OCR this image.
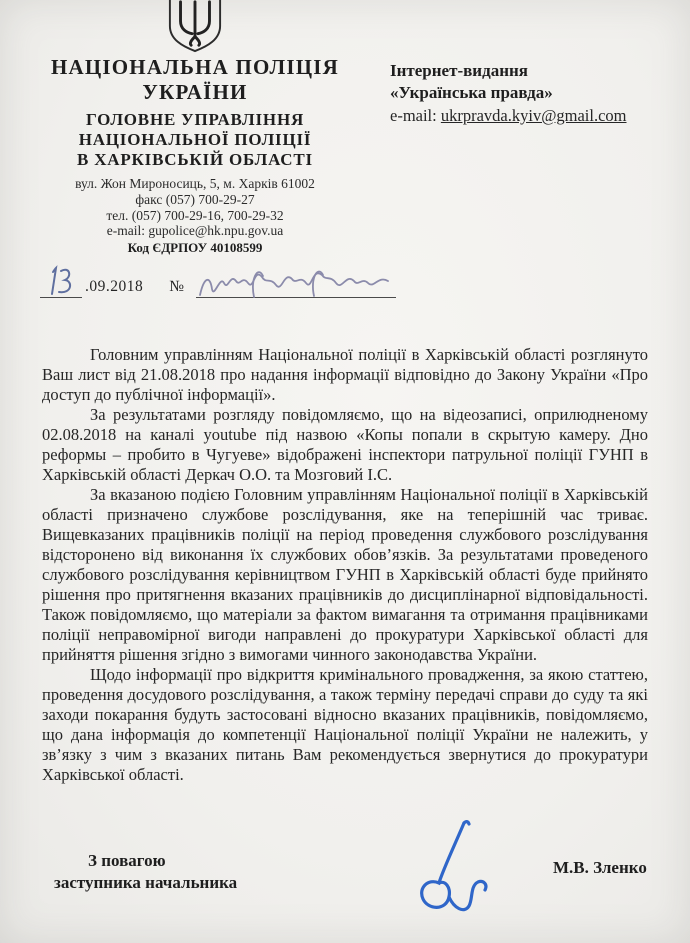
НАЦІОНАЛЬНА ПОЛІЦІЯ
УКРАЇНИ
ГОЛОВНЕ УПРАВЛІННЯ
НАЦІОНАЛЬНОЇ ПОЛІЦІЇ
В ХАРКІВСЬКІЙ ОБЛАСТІ
вул. Жон Мироносиць, 5, м. Харків 61002
факс (057) 700-29-27
тел. (057) 700-29-16, 700-29-32
e-mail: gupolice@hk.npu.gov.ua
Код ЄДРПОУ 40108599
Інтернет-видання
«Українська правда»
e-mail: ukrpravda.kyiv@gmail.com
.09.2018 №

Головним управлінням Національної поліції в Харківській області розглянуто Ваш лист від 21.08.2018 про надання інформації відповідно до Закону України «Про доступ до публічної інформації».

За результатами розгляду повідомляємо, що на відеозаписі, оприлюдненому 02.08.2018 на каналі youtube під назвою «Копы попали в скрытую камеру. Дно реформы – пробито в Чугуеве» відображені інспектори патрульної поліції ГУНП в Харківській області Деркач О.О. та Мозговий І.С.

За вказаною подією Головним управлінням Національної поліції в Харківській області призначено службове розслідування, яке на теперішній час триває. Вищевказаних працівників поліції на період проведення службового розслідування відсторонено від виконання їх службових обов’язків. За результатами проведеного службового розслідування керівництвом ГУНП в Харківській області буде прийнято рішення про притягнення вказаних працівників до дисциплінарної відповідальності. Також повідомляємо, що матеріали за фактом вимагання та отримання працівниками поліції неправомірної вигоди направлені до прокуратури Харківської області для прийняття рішення згідно з вимогами чинного законодавства України.

Щодо інформації про відкриття кримінального провадження, за якою статтею, проведення досудового розслідування, а також терміну передачі справи до суду та які заходи покарання будуть застосовані відносно вказаних працівників, повідомляємо, що дана інформація до компетенції Національної поліції України не належить, у зв’язку з чим з вказаних питань Вам рекомендується звернутися до прокуратури Харківської області.

З повагою
заступника начальника
М.В. Зленко
